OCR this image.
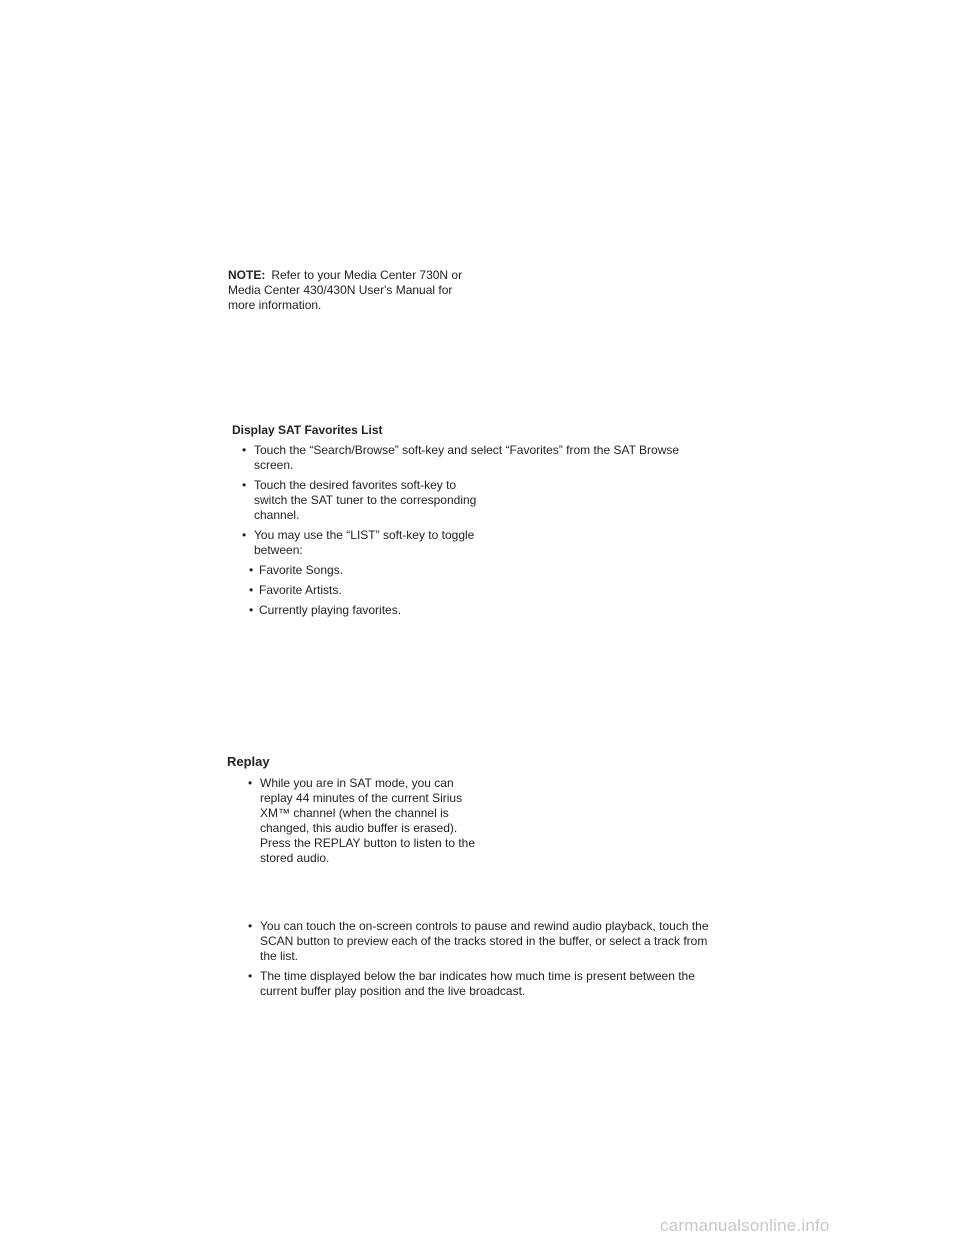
NOTE: Refer to your Media Center 730N or Media Center 430/430N User's Manual for more information.
Display SAT Favorites List
• Touch the “Search/Browse” soft-key and select “Favorites” from the SAT Browse screen.
• Touch the desired favorites soft-key to switch the SAT tuner to the corresponding channel.
• You may use the “LIST” soft-key to toggle between:
• Favorite Songs.
• Favorite Artists.
• Currently playing favorites.
Replay
• While you are in SAT mode, you can replay 44 minutes of the current Sirius XM™ channel (when the channel is changed, this audio buffer is erased). Press the REPLAY button to listen to the stored audio.
• You can touch the on-screen controls to pause and rewind audio playback, touch the SCAN button to preview each of the tracks stored in the buffer, or select a track from the list.
• The time displayed below the bar indicates how much time is present between the current buffer play position and the live broadcast.
carmanualsonline.info
